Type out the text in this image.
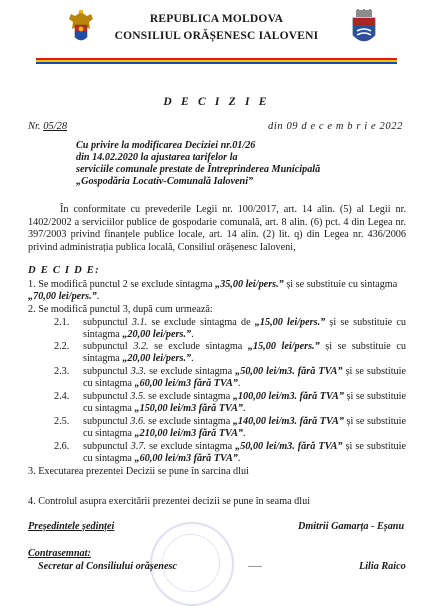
REPUBLICA MOLDOVA
CONSILIUL ORĂȘENESC IALOVENI
D E C I Z I E
Nr. 05/28	din 09 d e c e m b r i e 2022
Cu privire la modificarea Deciziei nr.01/26
din 14.02.2020 la ajustarea tarifelor la
serviciile comunale prestate de Întreprinderea Municipală
„Gospodăria Locativ-Comunală Ialoveni”
În conformitate cu prevederile Legii nr. 100/2017, art. 14 alin. (5) al Legii nr. 1402/2002 a serviciilor publice de gospodarie comunală, art. 8 alin. (6) pct. 4 din Legea nr. 397/2003 privind finanțele publice locale, art. 14 alin. (2) lit. q) din Legea nr. 436/2006 privind administrația publica locală, Consiliul orășenesc Ialoveni,
D E C I D E:
1. Se modifică punctul 2 se exclude sintagma „35,00 lei/pers.” și se substituie cu sintagma „70,00 lei/pers.”.
2. Se modifică punctul 3, după cum urmează:
2.1.	subpunctul 3.1. se exclude sintagma de „15,00 lei/pers.” și se substituie cu sintagma „20,00 lei/pers.”.
2.2.	subpunctul 3.2. se exclude sintagma „15,00 lei/pers.” și se substituie cu sintagma „20,00 lei/pers.”.
2.3.	subpunctul 3.3. se exclude sintagma „50,00 lei/m3. fără TVA” și se substituie cu sintagma „60,00 lei/m3 fără TVA”.
2.4.	subpunctul 3.5. se exclude sintagma „100,00 lei/m3. fără TVA” și se substituie cu sintagma „150,00 lei/m3 fără TVA”.
2.5.	subpunctul 3.6. se exclude sintagma „140,00 lei/m3. fără TVA” și se substituie cu sintagma „210,00 lei/m3 fără TVA”.
2.6.	subpunctul 3.7. se exclude sintagma „50,00 lei/m3. fără TVA” și se substituie cu sintagma „60,00 lei/m3 fără TVA”.
3. Executarea prezentei Decizii se pune în sarcina dlui
4. Controlul asupra exercitării prezentei decizii se pune în seama dlui
Președintele ședinței	Dmitrii Gamarța - Eșanu
Contrasemnat:
Secretar al Consiliului orășenesc	Lilia Raico
